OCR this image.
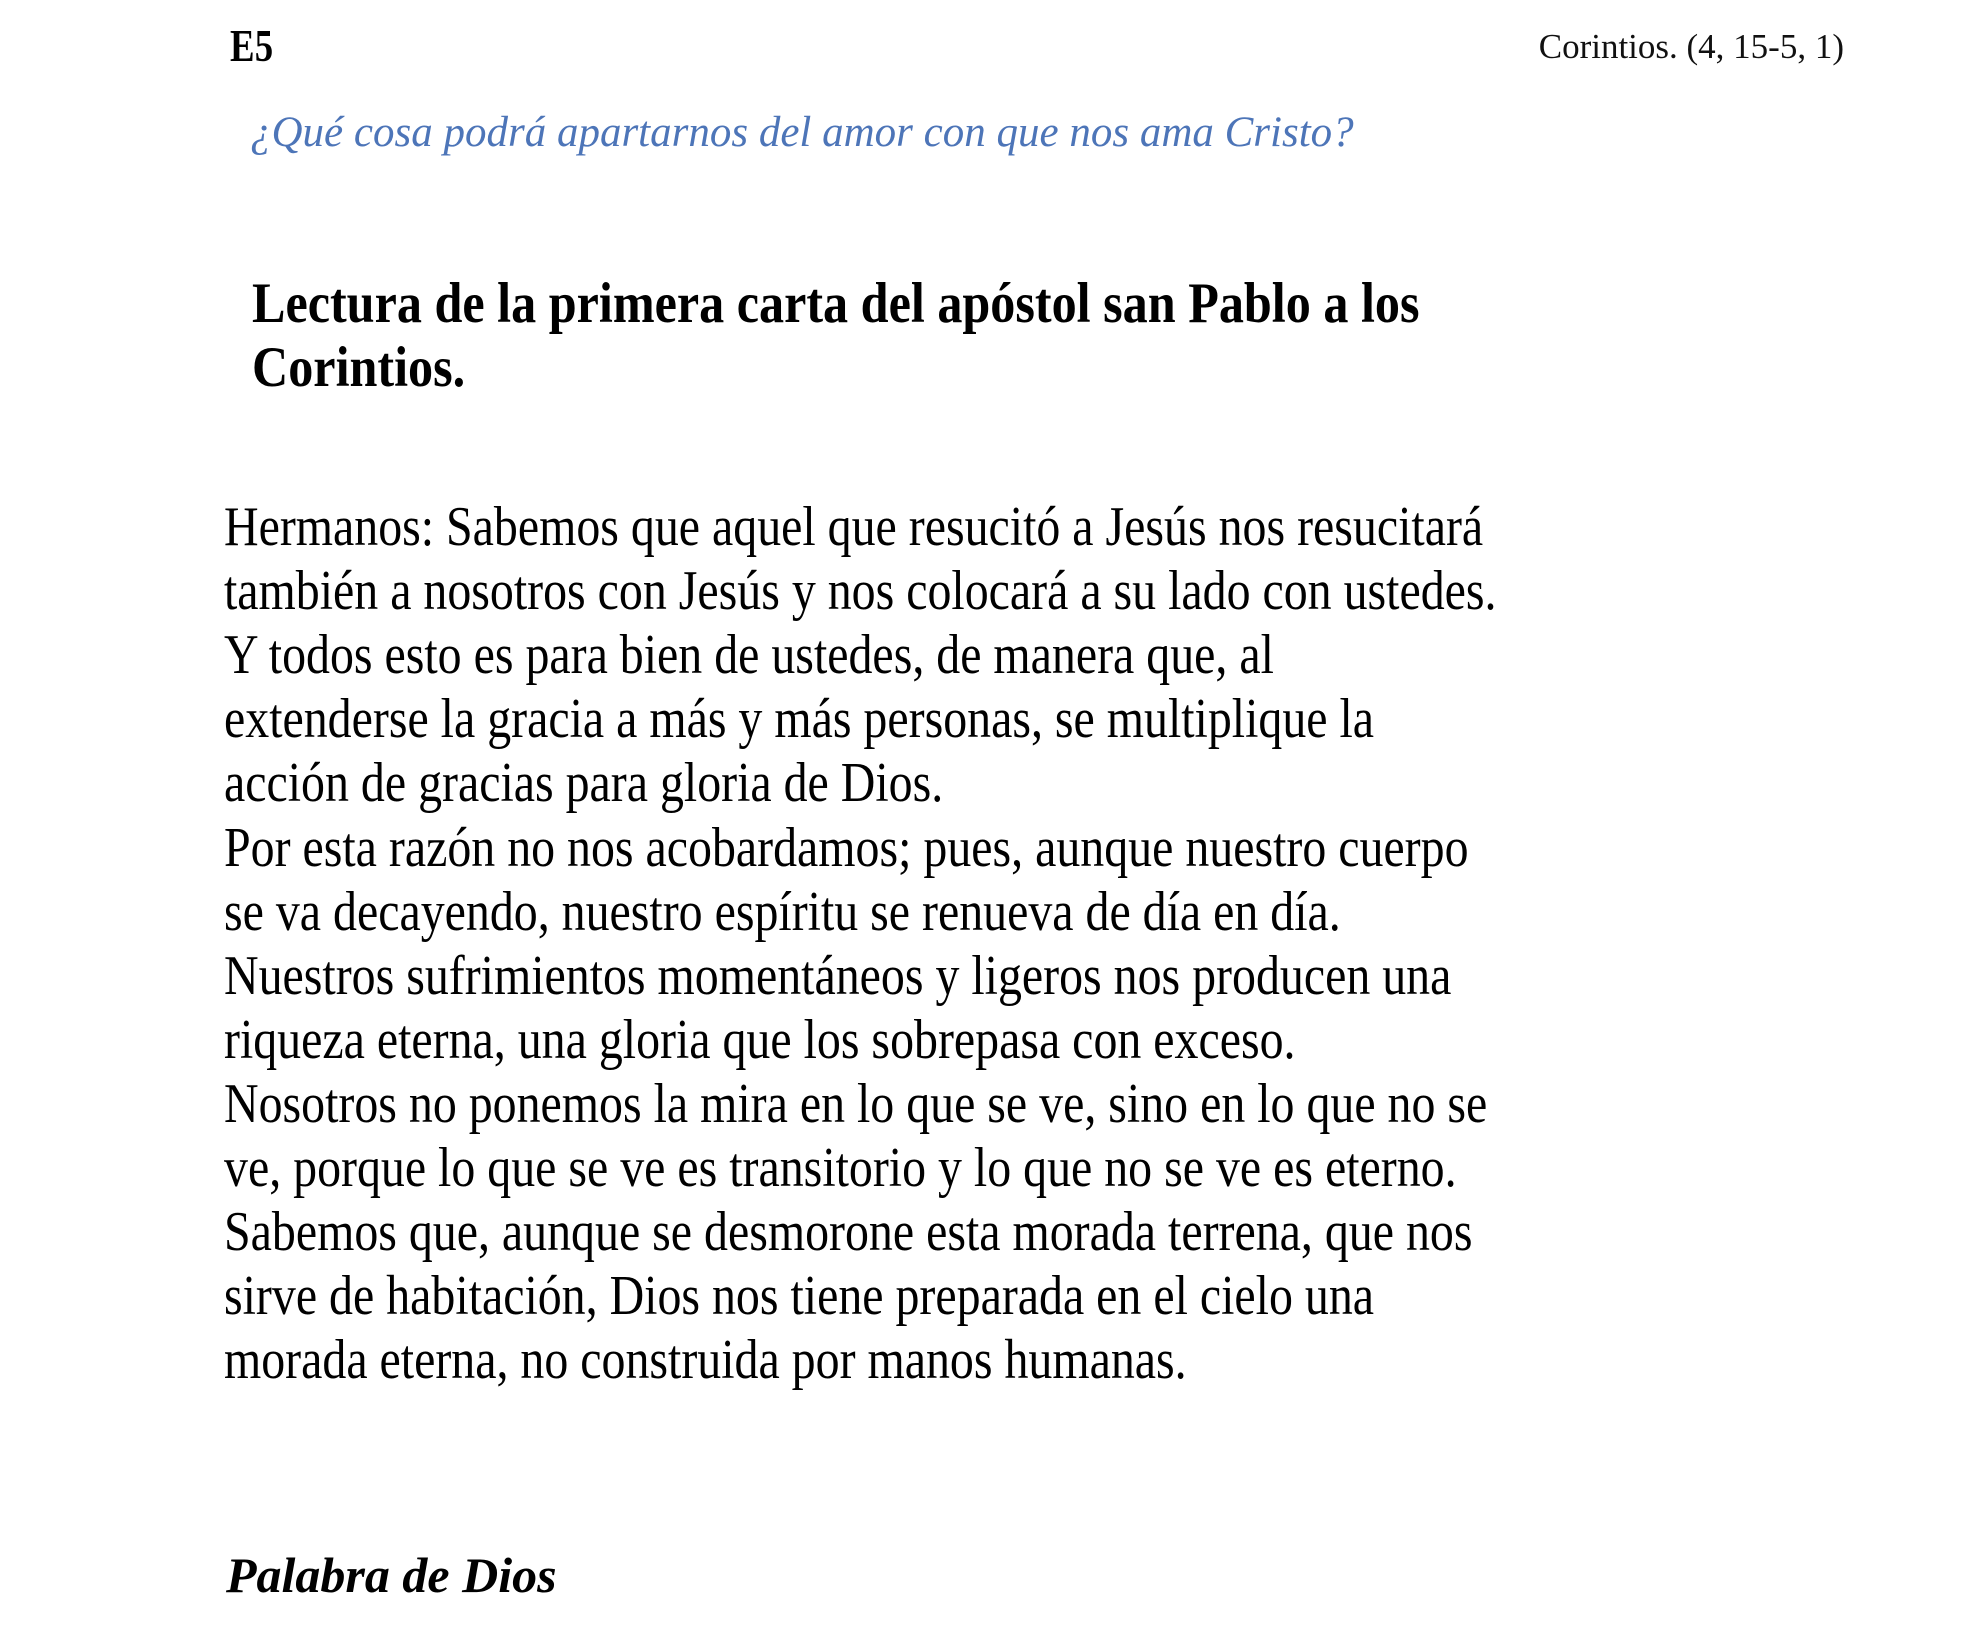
E5	Corintios. (4, 15-5, 1)
¿Qué cosa podrá apartarnos del amor con que nos ama Cristo?
Lectura de la primera carta del apóstol san Pablo a los Corintios.
Hermanos: Sabemos que aquel que resucitó a Jesús nos resucitará
también a nosotros con Jesús y nos colocará a su lado con ustedes.
Y todos esto es para bien de ustedes, de manera que, al
extenderse la gracia a más y más personas, se multiplique la
acción de gracias para gloria de Dios.
Por esta razón no nos acobardamos; pues, aunque nuestro cuerpo
se va decayendo, nuestro espíritu se renueva de día en día.
Nuestros sufrimientos momentáneos y ligeros nos producen una
riqueza eterna, una gloria que los sobrepasa con exceso.
Nosotros no ponemos la mira en lo que se ve, sino en lo que no se
ve, porque lo que se ve es transitorio y lo que no se ve es eterno.
Sabemos que, aunque se desmorone esta morada terrena, que nos
sirve de habitación, Dios nos tiene preparada en el cielo una
morada eterna, no construida por manos humanas.
Palabra de Dios
